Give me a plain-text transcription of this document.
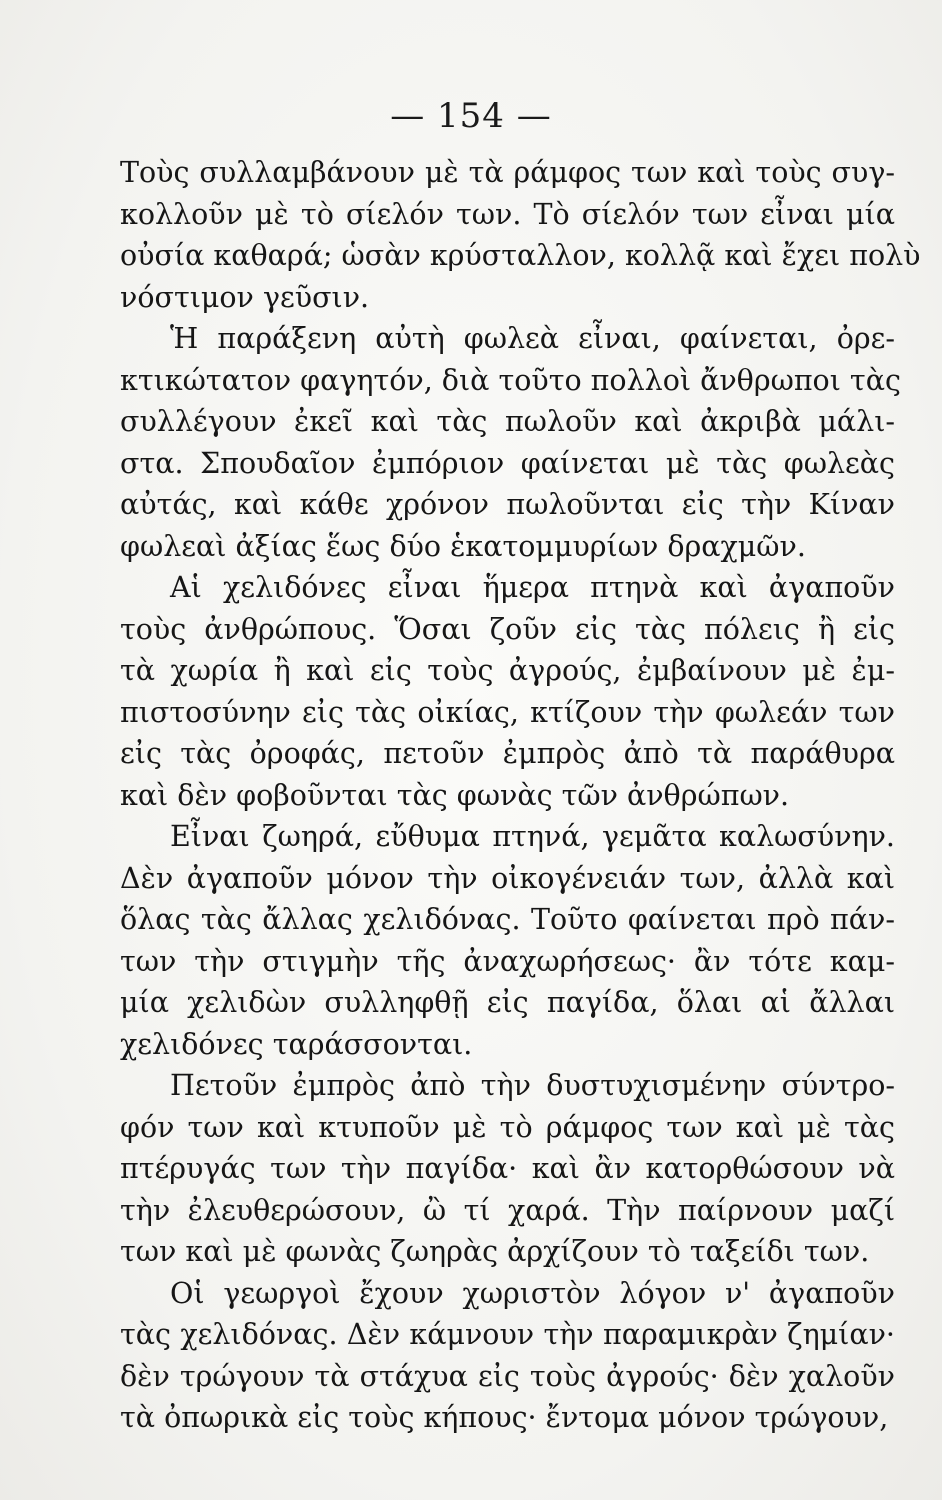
— 154 —
Τοὺς συλλαμβάνουν μὲ τὰ ράμφος των καὶ τοὺς συγ-
κολλοῦν μὲ τὸ σίελόν των. Τὸ σίελόν των εἶναι μία
οὐσία καθαρά; ὡσὰν κρύσταλλον, κολλᾷ καὶ ἔχει πολὺ
νόστιμον γεῦσιν.
Ἡ παράξενη αὐτὴ φωλεὰ εἶναι, φαίνεται, ὀρε-
κτικώτατον φαγητόν, διὰ τοῦτο πολλοὶ ἄνθρωποι τὰς
συλλέγουν ἐκεῖ καὶ τὰς πωλοῦν καὶ ἀκριβὰ μάλι-
στα. Σπουδαῖον ἐμπόριον φαίνεται μὲ τὰς φωλεὰς
αὐτάς, καὶ κάθε χρόνον πωλοῦνται εἰς τὴν Κίναν
φωλεαὶ ἀξίας ἕως δύο ἑκατομμυρίων δραχμῶν.
Αἱ χελιδόνες εἶναι ἥμερα πτηνὰ καὶ ἀγαποῦν
τοὺς ἀνθρώπους. Ὅσαι ζοῦν εἰς τὰς πόλεις ἢ εἰς
τὰ χωρία ἢ καὶ εἰς τοὺς ἀγρούς, ἐμβαίνουν μὲ ἐμ-
πιστοσύνην εἰς τὰς οἰκίας, κτίζουν τὴν φωλεάν των
εἰς τὰς ὀροφάς, πετοῦν ἐμπρὸς ἀπὸ τὰ παράθυρα
καὶ δὲν φοβοῦνται τὰς φωνὰς τῶν ἀνθρώπων.
Εἶναι ζωηρά, εὔθυμα πτηνά, γεμᾶτα καλωσύνην.
Δὲν ἀγαποῦν μόνον τὴν οἰκογένειάν των, ἀλλὰ καὶ
ὅλας τὰς ἄλλας χελιδόνας. Τοῦτο φαίνεται πρὸ πάν-
των τὴν στιγμὴν τῆς ἀναχωρήσεως· ἂν τότε καμ-
μία χελιδὼν συλληφθῇ εἰς παγίδα, ὅλαι αἱ ἄλλαι
χελιδόνες ταράσσονται.
Πετοῦν ἐμπρὸς ἀπὸ τὴν δυστυχισμένην σύντρο-
φόν των καὶ κτυποῦν μὲ τὸ ράμφος των καὶ μὲ τὰς
πτέρυγάς των τὴν παγίδα· καὶ ἂν κατορθώσουν νὰ
τὴν ἐλευθερώσουν, ὢ τί χαρά. Τὴν παίρνουν μαζί
των καὶ μὲ φωνὰς ζωηρὰς ἀρχίζουν τὸ ταξείδι των.
Οἱ γεωργοὶ ἔχουν χωριστὸν λόγον ν' ἀγαποῦν
τὰς χελιδόνας. Δὲν κάμνουν τὴν παραμικρὰν ζημίαν·
δὲν τρώγουν τὰ στάχυα εἰς τοὺς ἀγρούς· δὲν χαλοῦν
τὰ ὀπωρικὰ εἰς τοὺς κήπους· ἔντομα μόνον τρώγουν,
